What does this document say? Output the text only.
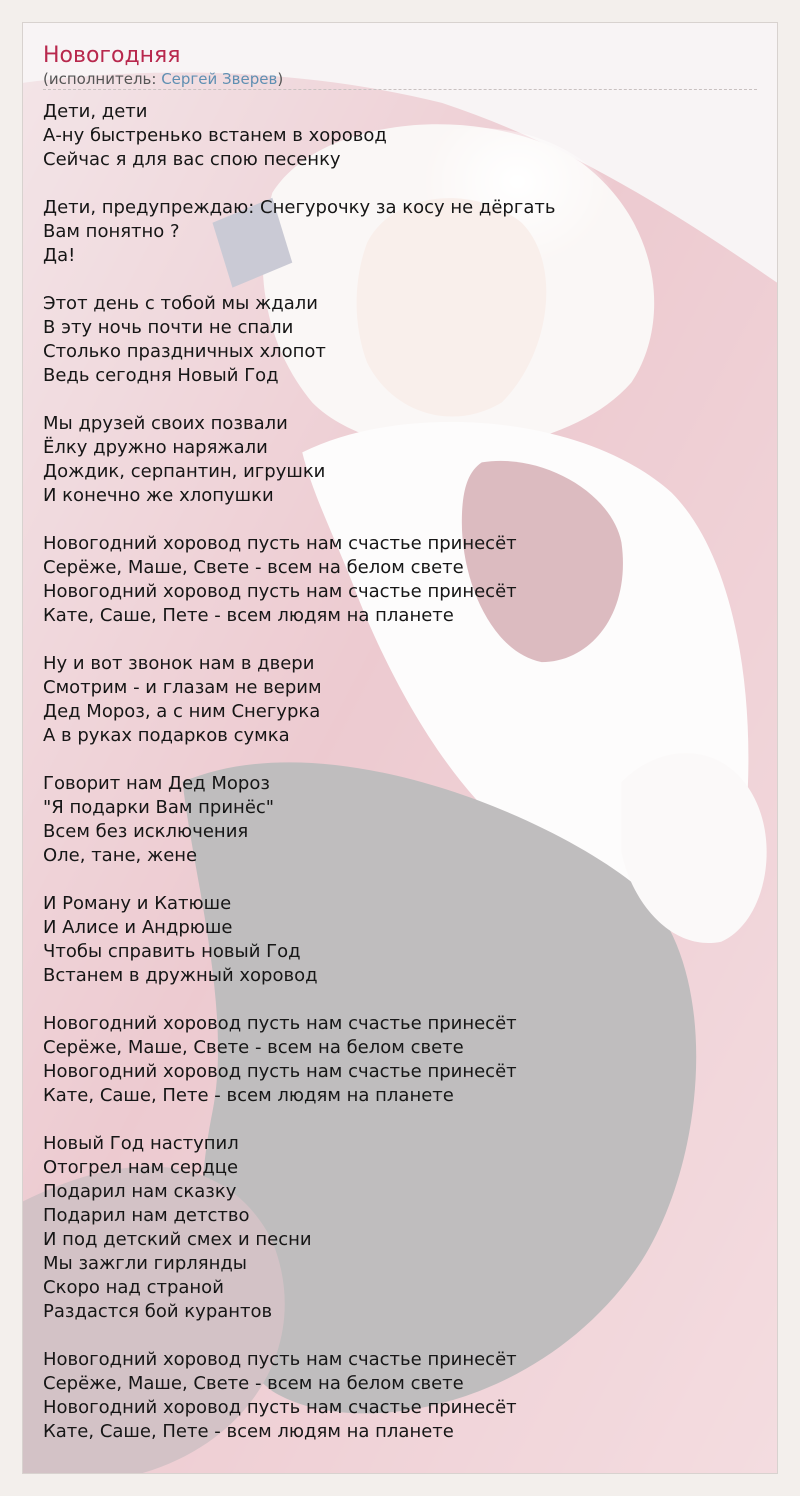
Новогодняя
(исполнитель: Сергей Зверев)
Дети, дети
А-ну быстренько встанем в хоровод
Сейчас я для вас спою песенку
Дети, предупреждаю: Снегурочку за косу не дёргать
Вам понятно ?
Да!
Этот день с тобой мы ждали
В эту ночь почти не спали
Столько праздничных хлопот
Ведь сегодня Новый Год
Мы друзей своих позвали
Ёлку дружно наряжали
Дождик, серпантин, игрушки
И конечно же хлопушки
Новогодний хоровод пусть нам счастье принесёт
Серёже, Маше, Свете - всем на белом свете
Новогодний хоровод пусть нам счастье принесёт
Кате, Саше, Пете - всем людям на планете
Ну и вот звонок нам в двери
Смотрим - и глазам не верим
Дед Мороз, а с ним Снегурка
А в руках подарков сумка
Говорит нам Дед Мороз
"Я подарки Вам принёс"
Всем без исключения
Оле, тане, жене
И Роману и Катюше
И Алисе и Андрюше
Чтобы справить новый Год
Встанем в дружный хоровод
Новогодний хоровод пусть нам счастье принесёт
Серёже, Маше, Свете - всем на белом свете
Новогодний хоровод пусть нам счастье принесёт
Кате, Саше, Пете - всем людям на планете
Новый Год наступил
Отогрел нам сердце
Подарил нам сказку
Подарил нам детство
И под детский смех и песни
Мы зажгли гирлянды
Скоро над страной
Раздастся бой курантов
Новогодний хоровод пусть нам счастье принесёт
Серёже, Маше, Свете - всем на белом свете
Новогодний хоровод пусть нам счастье принесёт
Кате, Саше, Пете - всем людям на планете
